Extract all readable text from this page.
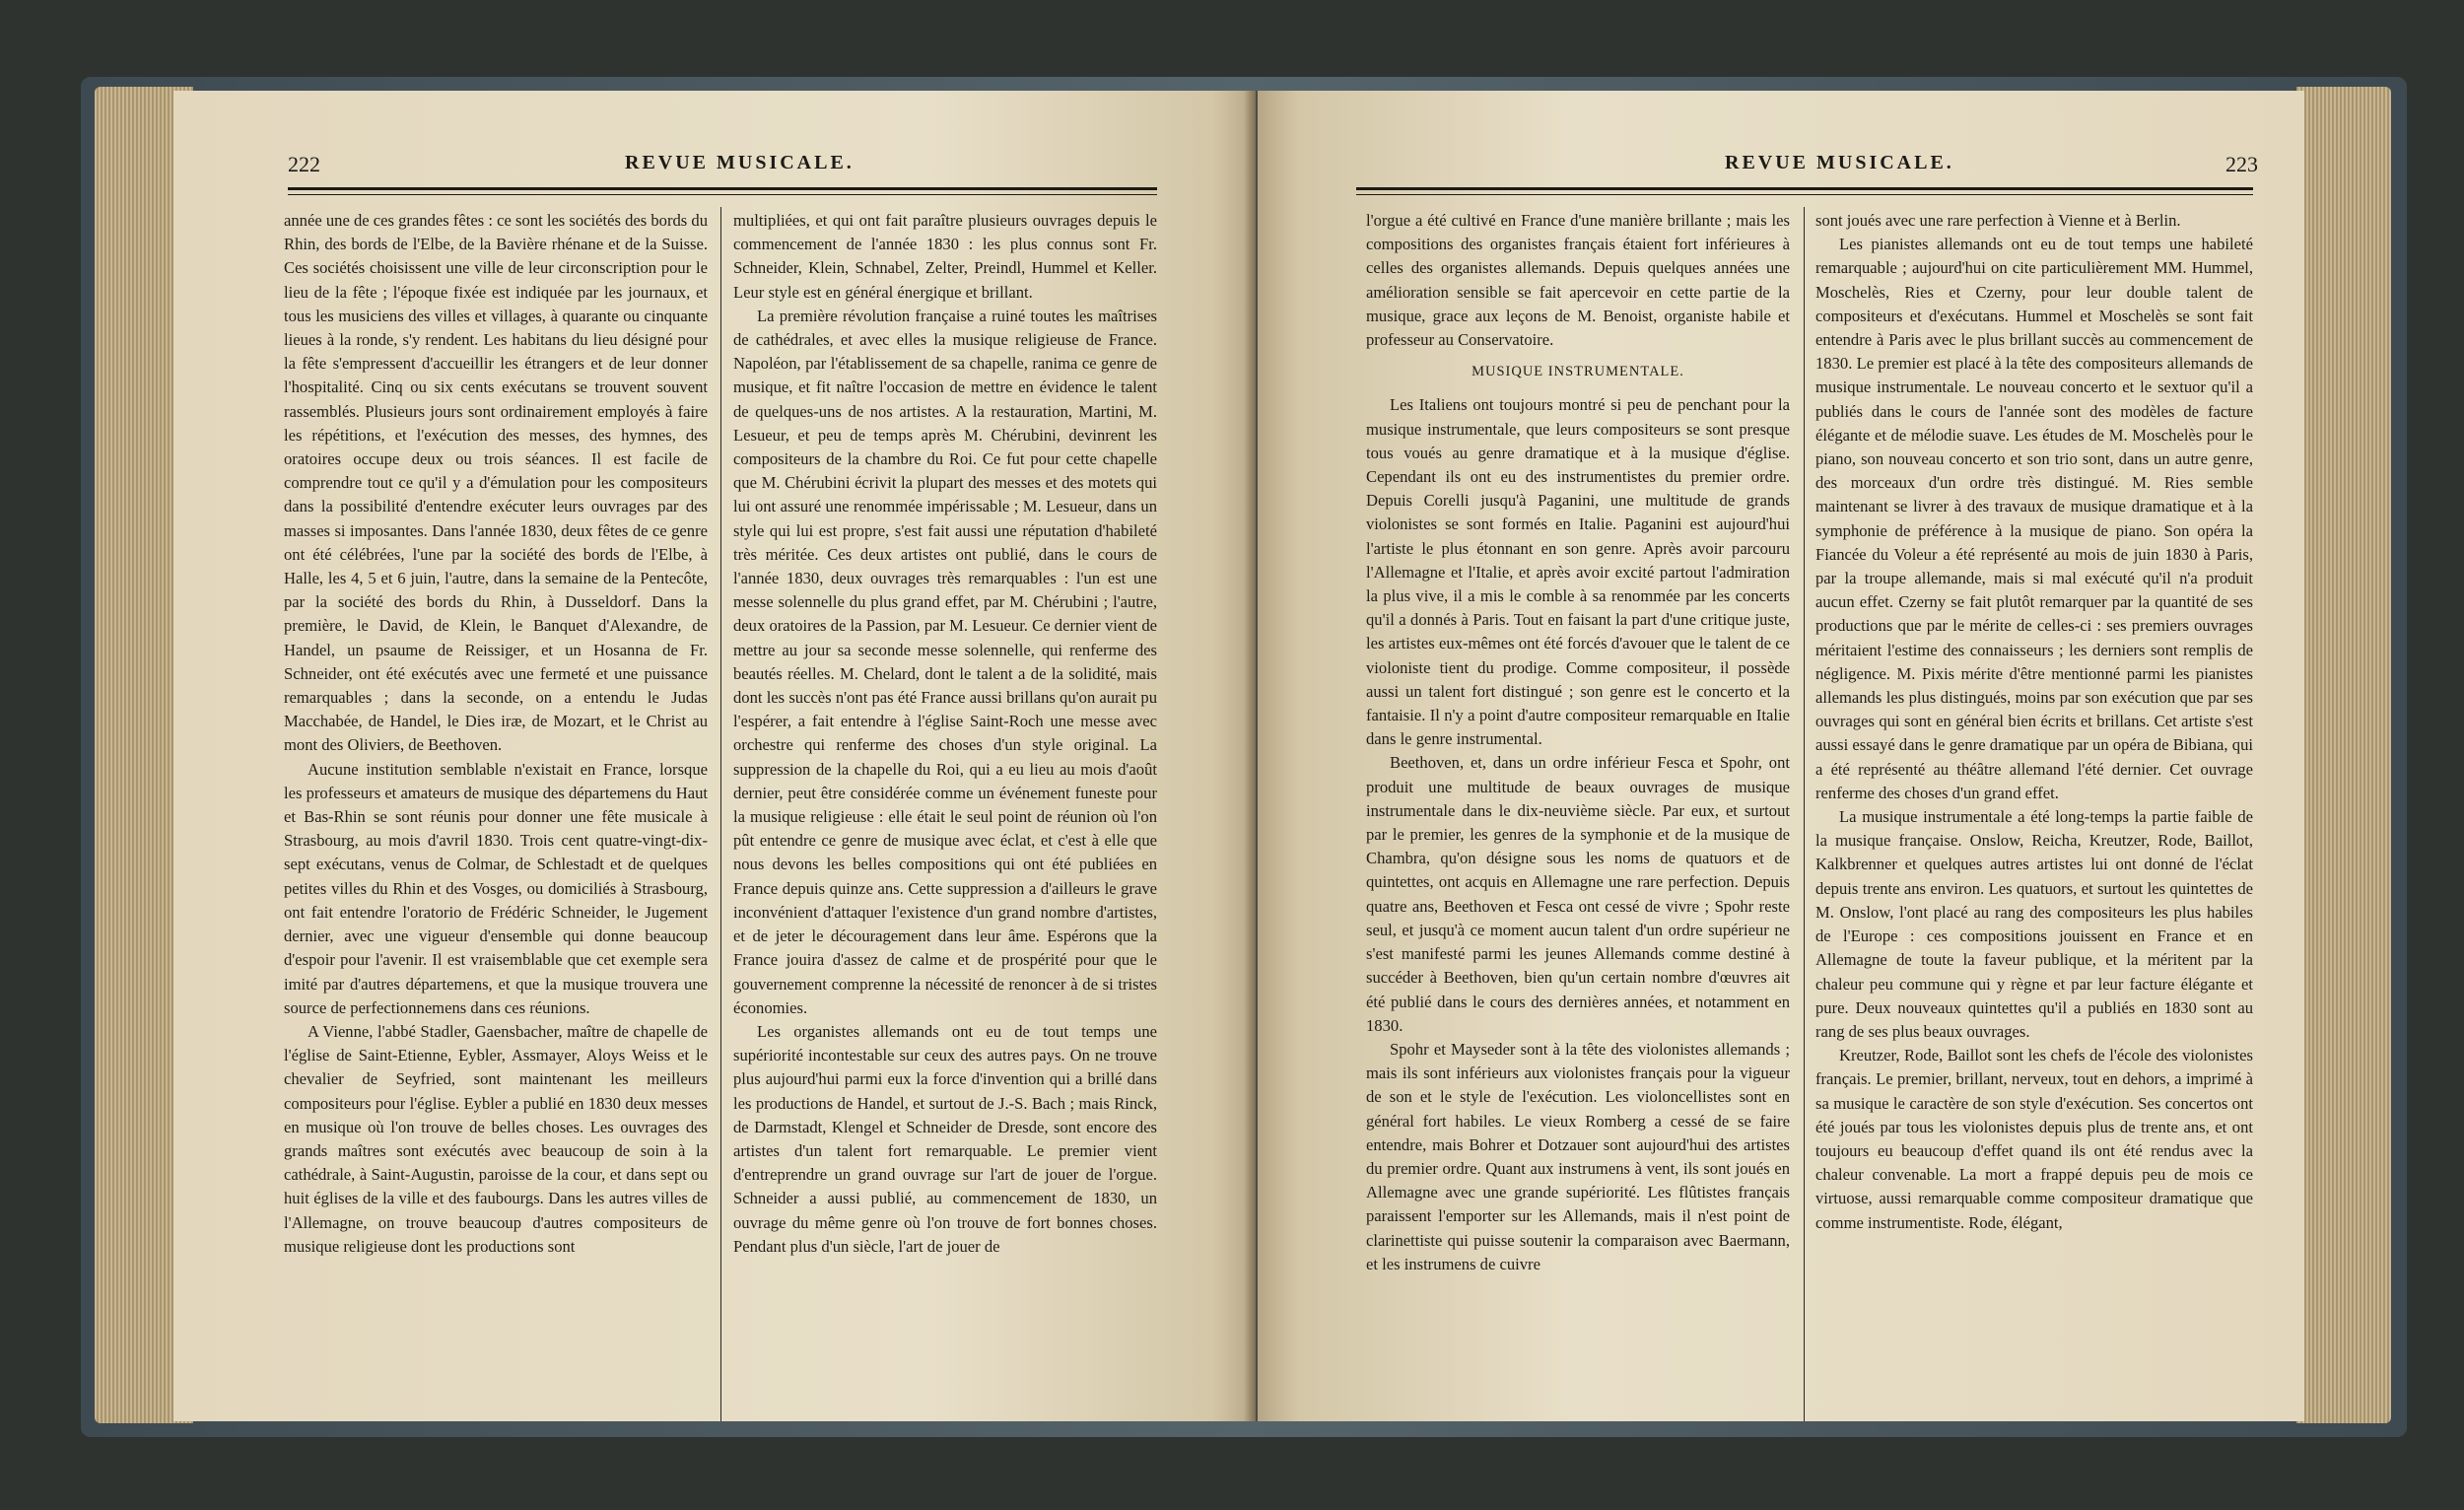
222	REVUE MUSICALE.

année une de ces grandes fêtes : ce sont les sociétés des bords du Rhin, des bords de l'Elbe, de la Bavière rhénane et de la Suisse. Ces sociétés choisissent une ville de leur circonscription pour le lieu de la fête ; l'époque fixée est indiquée par les journaux, et tous les musiciens des villes et villages, à quarante ou cinquante lieues à la ronde, s'y rendent. Les habitans du lieu désigné pour la fête s'empressent d'accueillir les étrangers et de leur donner l'hospitalité. Cinq ou six cents exécutans se trouvent souvent rassemblés. Plusieurs jours sont ordinairement employés à faire les répétitions, et l'exécution des messes, des hymnes, des oratoires occupe deux ou trois séances. Il est facile de comprendre tout ce qu'il y a d'émulation pour les compositeurs dans la possibilité d'entendre exécuter leurs ouvrages par des masses si imposantes. Dans l'année 1830, deux fêtes de ce genre ont été célébrées, l'une par la société des bords de l'Elbe, à Halle, les 4, 5 et 6 juin, l'autre, dans la semaine de la Pentecôte, par la société des bords du Rhin, à Dusseldorf. Dans la première, le David, de Klein, le Banquet d'Alexandre, de Handel, un psaume de Reissiger, et un Hosanna de Fr. Schneider, ont été exécutés avec une fermeté et une puissance remarquables ; dans la seconde, on a entendu le Judas Macchabée, de Handel, le Dies iræ, de Mozart, et le Christ au mont des Oliviers, de Beethoven.

Aucune institution semblable n'existait en France, lorsque les professeurs et amateurs de musique des départemens du Haut et Bas-Rhin se sont réunis pour donner une fête musicale à Strasbourg, au mois d'avril 1830. Trois cent quatre-vingt-dix-sept exécutans, venus de Colmar, de Schlestadt et de quelques petites villes du Rhin et des Vosges, ou domiciliés à Strasbourg, ont fait entendre l'oratorio de Frédéric Schneider, le Jugement dernier, avec une vigueur d'ensemble qui donne beaucoup d'espoir pour l'avenir. Il est vraisemblable que cet exemple sera imité par d'autres départemens, et que la musique trouvera une source de perfectionnemens dans ces réunions.

A Vienne, l'abbé Stadler, Gaensbacher, maître de chapelle de l'église de Saint-Etienne, Eybler, Assmayer, Aloys Weiss et le chevalier de Seyfried, sont maintenant les meilleurs compositeurs pour l'église. Eybler a publié en 1830 deux messes en musique où l'on trouve de belles choses. Les ouvrages des grands maîtres sont exécutés avec beaucoup de soin à la cathédrale, à Saint-Augustin, paroisse de la cour, et dans sept ou huit églises de la ville et des faubourgs. Dans les autres villes de l'Allemagne, on trouve beaucoup d'autres compositeurs de musique religieuse dont les productions sont

multipliées, et qui ont fait paraître plusieurs ouvrages depuis le commencement de l'année 1830 : les plus connus sont Fr. Schneider, Klein, Schnabel, Zelter, Preindl, Hummel et Keller. Leur style est en général énergique et brillant.

La première révolution française a ruiné toutes les maîtrises de cathédrales, et avec elles la musique religieuse de France. Napoléon, par l'établissement de sa chapelle, ranima ce genre de musique, et fit naître l'occasion de mettre en évidence le talent de quelques-uns de nos artistes. A la restauration, Martini, M. Lesueur, et peu de temps après M. Chérubini, devinrent les compositeurs de la chambre du Roi. Ce fut pour cette chapelle que M. Chérubini écrivit la plupart des messes et des motets qui lui ont assuré une renommée impérissable ; M. Lesueur, dans un style qui lui est propre, s'est fait aussi une réputation d'habileté très méritée. Ces deux artistes ont publié, dans le cours de l'année 1830, deux ouvrages très remarquables : l'un est une messe solennelle du plus grand effet, par M. Chérubini ; l'autre, deux oratoires de la Passion, par M. Lesueur. Ce dernier vient de mettre au jour sa seconde messe solennelle, qui renferme des beautés réelles. M. Chelard, dont le talent a de la solidité, mais dont les succès n'ont pas été France aussi brillans qu'on aurait pu l'espérer, a fait entendre à l'église Saint-Roch une messe avec orchestre qui renferme des choses d'un style original. La suppression de la chapelle du Roi, qui a eu lieu au mois d'août dernier, peut être considérée comme un événement funeste pour la musique religieuse : elle était le seul point de réunion où l'on pût entendre ce genre de musique avec éclat, et c'est à elle que nous devons les belles compositions qui ont été publiées en France depuis quinze ans. Cette suppression a d'ailleurs le grave inconvénient d'attaquer l'existence d'un grand nombre d'artistes, et de jeter le découragement dans leur âme. Espérons que la France jouira d'assez de calme et de prospérité pour que le gouvernement comprenne la nécessité de renoncer à de si tristes économies.

Les organistes allemands ont eu de tout temps une supériorité incontestable sur ceux des autres pays. On ne trouve plus aujourd'hui parmi eux la force d'invention qui a brillé dans les productions de Handel, et surtout de J.-S. Bach ; mais Rinck, de Darmstadt, Klengel et Schneider de Dresde, sont encore des artistes d'un talent fort remarquable. Le premier vient d'entreprendre un grand ouvrage sur l'art de jouer de l'orgue. Schneider a aussi publié, au commencement de 1830, un ouvrage du même genre où l'on trouve de fort bonnes choses. Pendant plus d'un siècle, l'art de jouer de

REVUE MUSICALE.	223

l'orgue a été cultivé en France d'une manière brillante ; mais les compositions des organistes français étaient fort inférieures à celles des organistes allemands. Depuis quelques années une amélioration sensible se fait apercevoir en cette partie de la musique, grace aux leçons de M. Benoist, organiste habile et professeur au Conservatoire.

MUSIQUE INSTRUMENTALE.

Les Italiens ont toujours montré si peu de penchant pour la musique instrumentale, que leurs compositeurs se sont presque tous voués au genre dramatique et à la musique d'église. Cependant ils ont eu des instrumentistes du premier ordre. Depuis Corelli jusqu'à Paganini, une multitude de grands violonistes se sont formés en Italie. Paganini est aujourd'hui l'artiste le plus étonnant en son genre. Après avoir parcouru l'Allemagne et l'Italie, et après avoir excité partout l'admiration la plus vive, il a mis le comble à sa renommée par les concerts qu'il a donnés à Paris. Tout en faisant la part d'une critique juste, les artistes eux-mêmes ont été forcés d'avouer que le talent de ce violoniste tient du prodige. Comme compositeur, il possède aussi un talent fort distingué ; son genre est le concerto et la fantaisie. Il n'y a point d'autre compositeur remarquable en Italie dans le genre instrumental.

Beethoven, et, dans un ordre inférieur Fesca et Spohr, ont produit une multitude de beaux ouvrages de musique instrumentale dans le dix-neuvième siècle. Par eux, et surtout par le premier, les genres de la symphonie et de la musique de Chambra, qu'on désigne sous les noms de quatuors et de quintettes, ont acquis en Allemagne une rare perfection. Depuis quatre ans, Beethoven et Fesca ont cessé de vivre ; Spohr reste seul, et jusqu'à ce moment aucun talent d'un ordre supérieur ne s'est manifesté parmi les jeunes Allemands comme destiné à succéder à Beethoven, bien qu'un certain nombre d'œuvres ait été publié dans le cours des dernières années, et notamment en 1830.

Spohr et Mayseder sont à la tête des violonistes allemands ; mais ils sont inférieurs aux violonistes français pour la vigueur de son et le style de l'exécution. Les violoncellistes sont en général fort habiles. Le vieux Romberg a cessé de se faire entendre, mais Bohrer et Dotzauer sont aujourd'hui des artistes du premier ordre. Quant aux instrumens à vent, ils sont joués en Allemagne avec une grande supériorité. Les flûtistes français paraissent l'emporter sur les Allemands, mais il n'est point de clarinettiste qui puisse soutenir la comparaison avec Baermann, et les instrumens de cuivre

sont joués avec une rare perfection à Vienne et à Berlin.

Les pianistes allemands ont eu de tout temps une habileté remarquable ; aujourd'hui on cite particulièrement MM. Hummel, Moschelès, Ries et Czerny, pour leur double talent de compositeurs et d'exécutans. Hummel et Moschelès se sont fait entendre à Paris avec le plus brillant succès au commencement de 1830. Le premier est placé à la tête des compositeurs allemands de musique instrumentale. Le nouveau concerto et le sextuor qu'il a publiés dans le cours de l'année sont des modèles de facture élégante et de mélodie suave. Les études de M. Moschelès pour le piano, son nouveau concerto et son trio sont, dans un autre genre, des morceaux d'un ordre très distingué. M. Ries semble maintenant se livrer à des travaux de musique dramatique et à la symphonie de préférence à la musique de piano. Son opéra la Fiancée du Voleur a été représenté au mois de juin 1830 à Paris, par la troupe allemande, mais si mal exécuté qu'il n'a produit aucun effet. Czerny se fait plutôt remarquer par la quantité de ses productions que par le mérite de celles-ci : ses premiers ouvrages méritaient l'estime des connaisseurs ; les derniers sont remplis de négligence. M. Pixis mérite d'être mentionné parmi les pianistes allemands les plus distingués, moins par son exécution que par ses ouvrages qui sont en général bien écrits et brillans. Cet artiste s'est aussi essayé dans le genre dramatique par un opéra de Bibiana, qui a été représenté au théâtre allemand l'été dernier. Cet ouvrage renferme des choses d'un grand effet.

La musique instrumentale a été long-temps la partie faible de la musique française. Onslow, Reicha, Kreutzer, Rode, Baillot, Kalkbrenner et quelques autres artistes lui ont donné de l'éclat depuis trente ans environ. Les quatuors, et surtout les quintettes de M. Onslow, l'ont placé au rang des compositeurs les plus habiles de l'Europe : ces compositions jouissent en France et en Allemagne de toute la faveur publique, et la méritent par la chaleur peu commune qui y règne et par leur facture élégante et pure. Deux nouveaux quintettes qu'il a publiés en 1830 sont au rang de ses plus beaux ouvrages.

Kreutzer, Rode, Baillot sont les chefs de l'école des violonistes français. Le premier, brillant, nerveux, tout en dehors, a imprimé à sa musique le caractère de son style d'exécution. Ses concertos ont été joués par tous les violonistes depuis plus de trente ans, et ont toujours eu beaucoup d'effet quand ils ont été rendus avec la chaleur convenable. La mort a frappé depuis peu de mois ce virtuose, aussi remarquable comme compositeur dramatique que comme instrumentiste. Rode, élégant,
